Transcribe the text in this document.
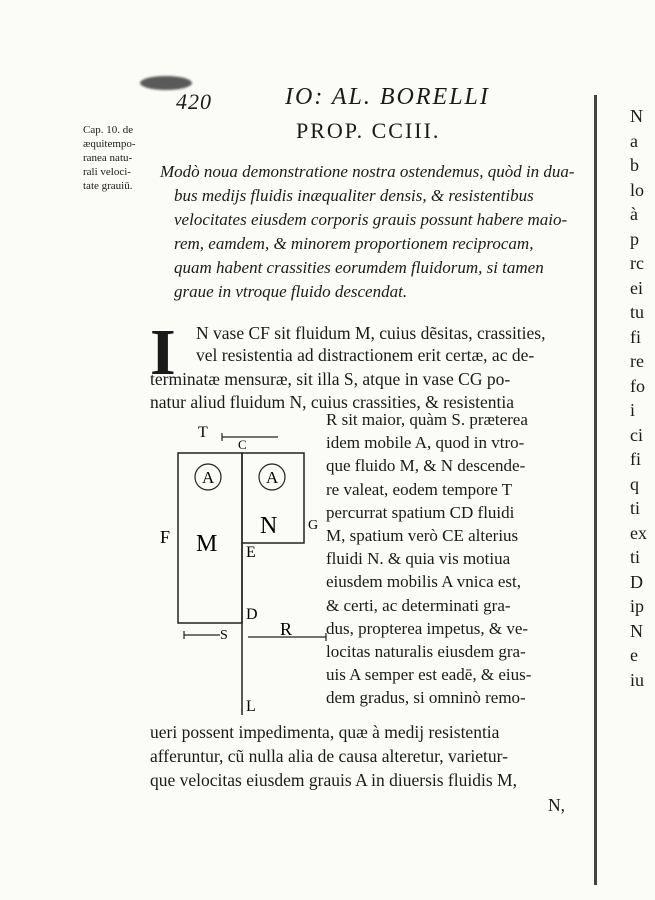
420	IO: AL. BORELLI
PROP. CCIII.
Cap. 10. de
æquitempo-
ranea natu-
rali veloci-
tate grauiū.
Modò noua demonstratione nostra ostendemus, quòd in dua-
bus medijs fluidis inæqualiter densis, & resistentibus
velocitates eiusdem corporis grauis possunt habere maio-
rem, eamdem, & minorem proportionem reciprocam,
quam habent crassities eorumdem fluidorum, si tamen
graue in vtroque fluido descendat.
I N vase CF sit fluidum M, cuius dẽsitas, crassities,
vel resistentia ad distractionem erit certæ, ac de-
terminatæ mensuræ, sit illa S, atque in vase CG po-
natur aliud fluidum N, cuius crassities, & resistentia
T
C
A	A
F M
N G
E
D
S	R
L
R sit maior, quàm S. præterea
idem mobile A, quod in vtro-
que fluido M, & N descende-
re valeat, eodem tempore T
percurrat spatium CD fluidi
M, spatium verò CE alterius
fluidi N. & quia vis motiua
eiusdem mobilis A vnica est,
& certi, ac determinati gra-
dus, propterea impetus, & ve-
locitas naturalis eiusdem gra-
uis A semper est eadē, & eius-
dem gradus, si omninò remo-
ueri possent impedimenta, quæ à medij resistentia
afferuntur, cũ nulla alia de causa alteretur, varietur-
que velocitas eiusdem grauis A in diuersis fluidis M,
N,
N
a
b
lo
à
p
rc
ei
tu
fi
re
fo
i
ci
fi
q
ti
ex
ti
D
ip
N
e
iu
